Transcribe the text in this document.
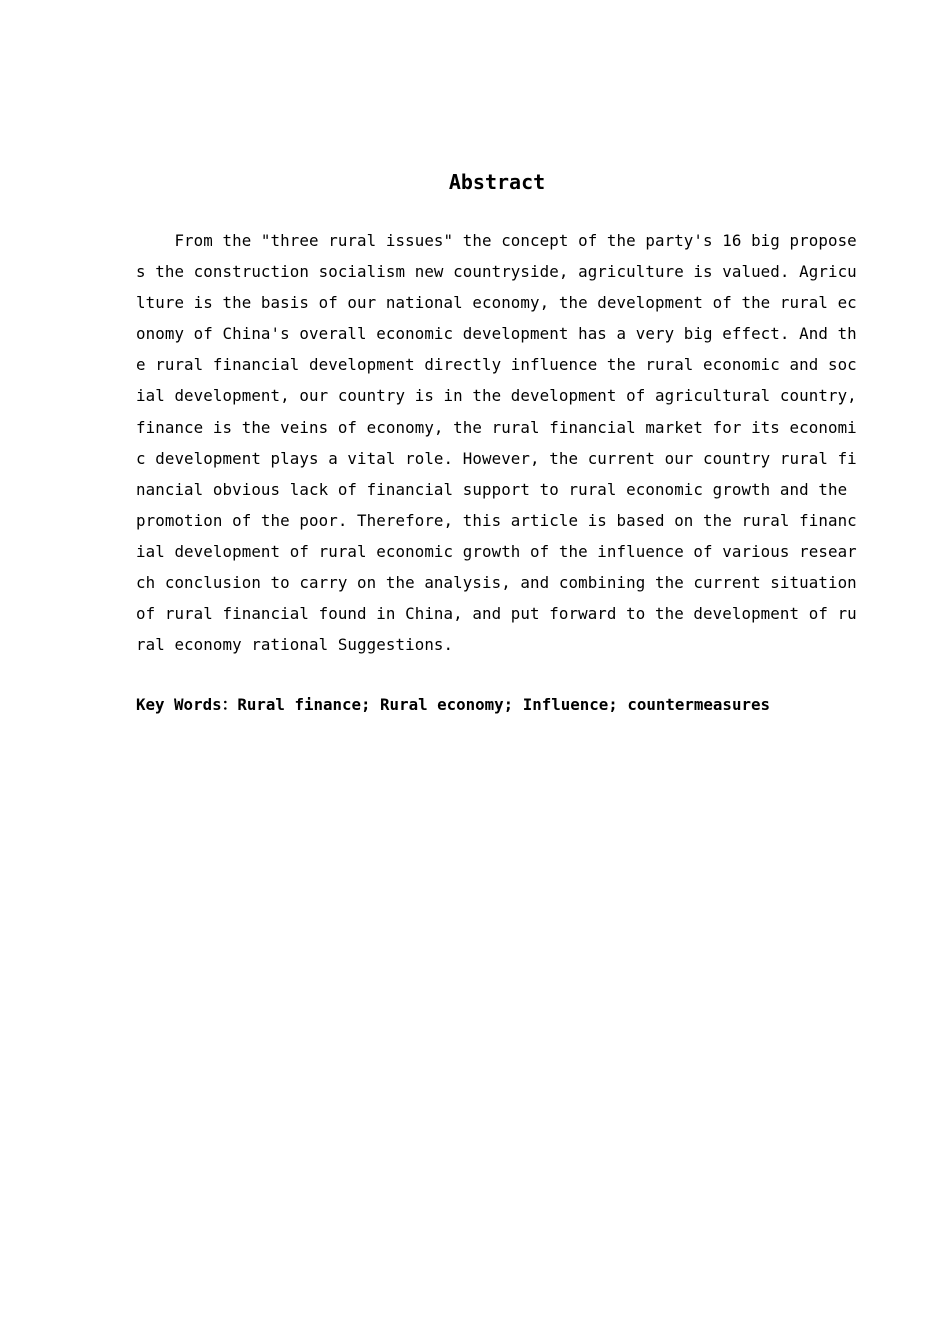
Abstract
From the "three rural issues" the concept of the party's 16 big propose
s the construction socialism new countryside, agriculture is valued. Agricu
lture is the basis of our national economy, the development of the rural ec
onomy of China's overall economic development has a very big effect. And th
e rural financial development directly influence the rural economic and soc
ial development, our country is in the development of agricultural country,
finance is the veins of economy, the rural financial market for its economi
c development plays a vital role. However, the current our country rural fi
nancial obvious lack of financial support to rural economic growth and the
promotion of the poor. Therefore, this article is based on the rural financ
ial development of rural economic growth of the influence of various resear
ch conclusion to carry on the analysis, and combining the current situation
of rural financial found in China, and put forward to the development of ru
ral economy rational Suggestions.
Key Words：Rural finance; Rural economy; Influence; countermeasures
